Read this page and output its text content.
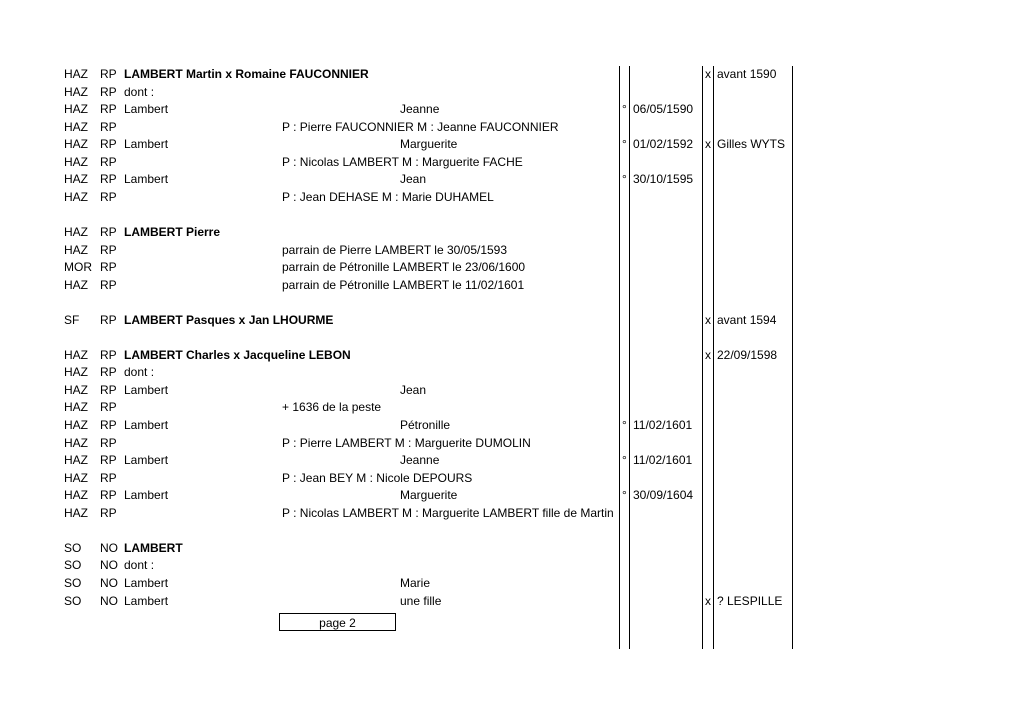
HAZ RP LAMBERT Martin x Romaine FAUCONNIER	x avant 1590
HAZ RP dont :
HAZ RP Lambert	Jeanne	° 06/05/1590
HAZ RP	P : Pierre FAUCONNIER M : Jeanne FAUCONNIER
HAZ RP Lambert	Marguerite	° 01/02/1592 x Gilles WYTS
HAZ RP	P : Nicolas LAMBERT M : Marguerite FACHE
HAZ RP Lambert	Jean	° 30/10/1595
HAZ RP	P : Jean DEHASE M : Marie DUHAMEL
HAZ RP LAMBERT Pierre
HAZ RP	parrain de Pierre LAMBERT le 30/05/1593
MOR RP	parrain de Pétronille LAMBERT le 23/06/1600
HAZ RP	parrain de Pétronille LAMBERT le 11/02/1601
SF RP LAMBERT Pasques x Jan LHOURME	x avant 1594
HAZ RP LAMBERT Charles x Jacqueline LEBON	x 22/09/1598
HAZ RP dont :
HAZ RP Lambert	Jean
HAZ RP	+ 1636 de la peste
HAZ RP Lambert	Pétronille	° 11/02/1601
HAZ RP	P : Pierre LAMBERT M : Marguerite DUMOLIN
HAZ RP Lambert	Jeanne	° 11/02/1601
HAZ RP	P : Jean BEY M : Nicole DEPOURS
HAZ RP Lambert	Marguerite	° 30/09/1604
HAZ RP	P : Nicolas LAMBERT M : Marguerite LAMBERT fille de Martin
SO NO LAMBERT
SO NO dont :
SO NO Lambert	Marie
SO NO Lambert	une fille	x ? LESPILLE
page 2
